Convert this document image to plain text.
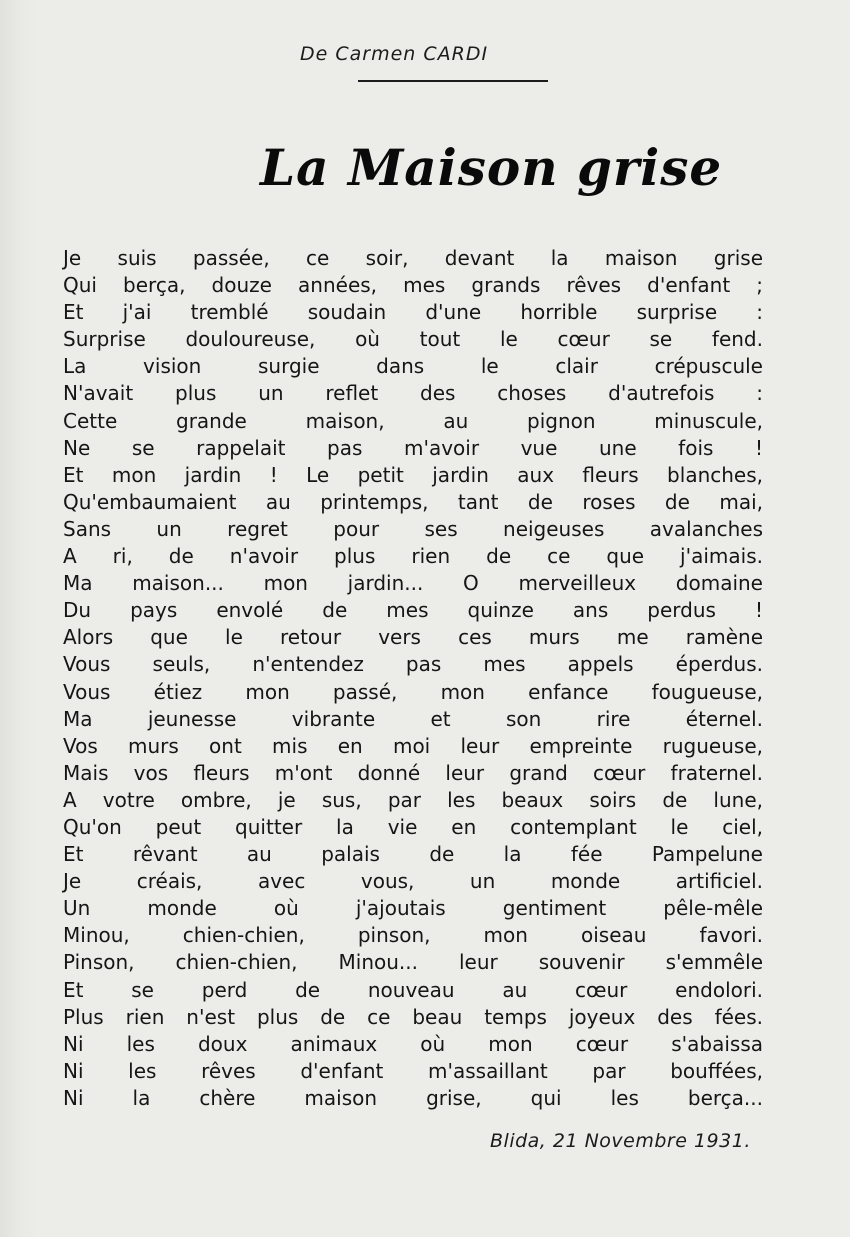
De Carmen CARDI
La Maison grise
Je suis passée, ce soir, devant la maison grise
Qui berça, douze années, mes grands rêves d'enfant ;
Et j'ai tremblé soudain d'une horrible surprise :
Surprise douloureuse, où tout le cœur se fend.
La vision surgie dans le clair crépuscule
N'avait plus un reflet des choses d'autrefois :
Cette grande maison, au pignon minuscule,
Ne se rappelait pas m'avoir vue une fois !
Et mon jardin ! Le petit jardin aux fleurs blanches,
Qu'embaumaient au printemps, tant de roses de mai,
Sans un regret pour ses neigeuses avalanches
A ri, de n'avoir plus rien de ce que j'aimais.
Ma maison... mon jardin... O merveilleux domaine
Du pays envolé de mes quinze ans perdus !
Alors que le retour vers ces murs me ramène
Vous seuls, n'entendez pas mes appels éperdus.
Vous étiez mon passé, mon enfance fougueuse,
Ma jeunesse vibrante et son rire éternel.
Vos murs ont mis en moi leur empreinte rugueuse,
Mais vos fleurs m'ont donné leur grand cœur fraternel.
A votre ombre, je sus, par les beaux soirs de lune,
Qu'on peut quitter la vie en contemplant le ciel,
Et rêvant au palais de la fée Pampelune
Je créais, avec vous, un monde artificiel.
Un monde où j'ajoutais gentiment pêle-mêle
Minou, chien-chien, pinson, mon oiseau favori.
Pinson, chien-chien, Minou... leur souvenir s'emmêle
Et se perd de nouveau au cœur endolori.
Plus rien n'est plus de ce beau temps joyeux des fées.
Ni les doux animaux où mon cœur s'abaissa
Ni les rêves d'enfant m'assaillant par bouffées,
Ni la chère maison grise, qui les berça...
Blida, 21 Novembre 1931.
